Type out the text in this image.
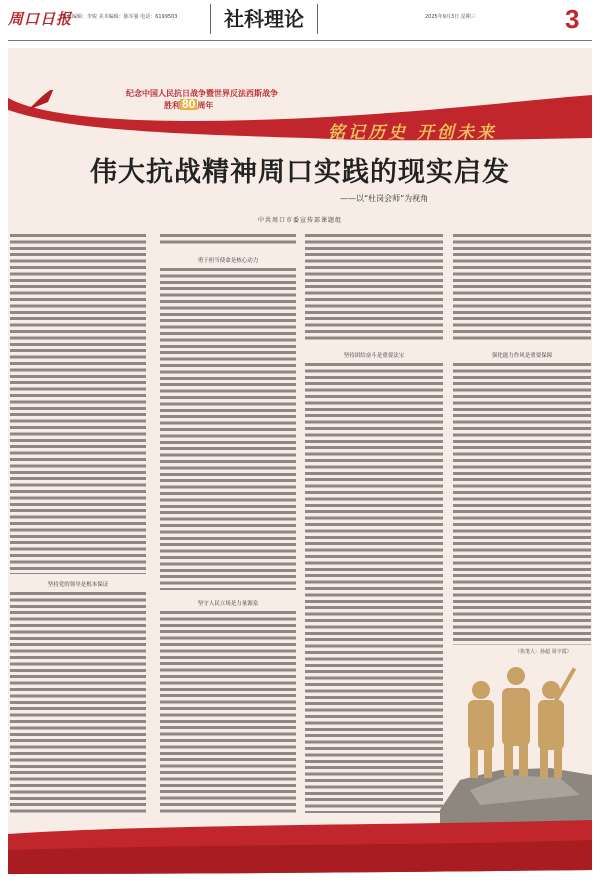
周口日报
责任编辑：李锐 美术编辑：陈军强 电话：6199503	社科理论	2025年9月3日 星期三	3
纪念中国人民抗日战争暨世界反法西斯战争
胜利 80 周年
铭记历史 开创未来
伟大抗战精神周口实践的现实启发
——以“杜岗会师”为视角
中共周口市委宣传部课题组
坚持党的领导是根本保证
勇于担当使命是核心动力
坚守人民立场是力量源泉
坚持团结奋斗是重要法宝	强化能力作风是重要保障
（执笔人：孙超 周宇霞）
